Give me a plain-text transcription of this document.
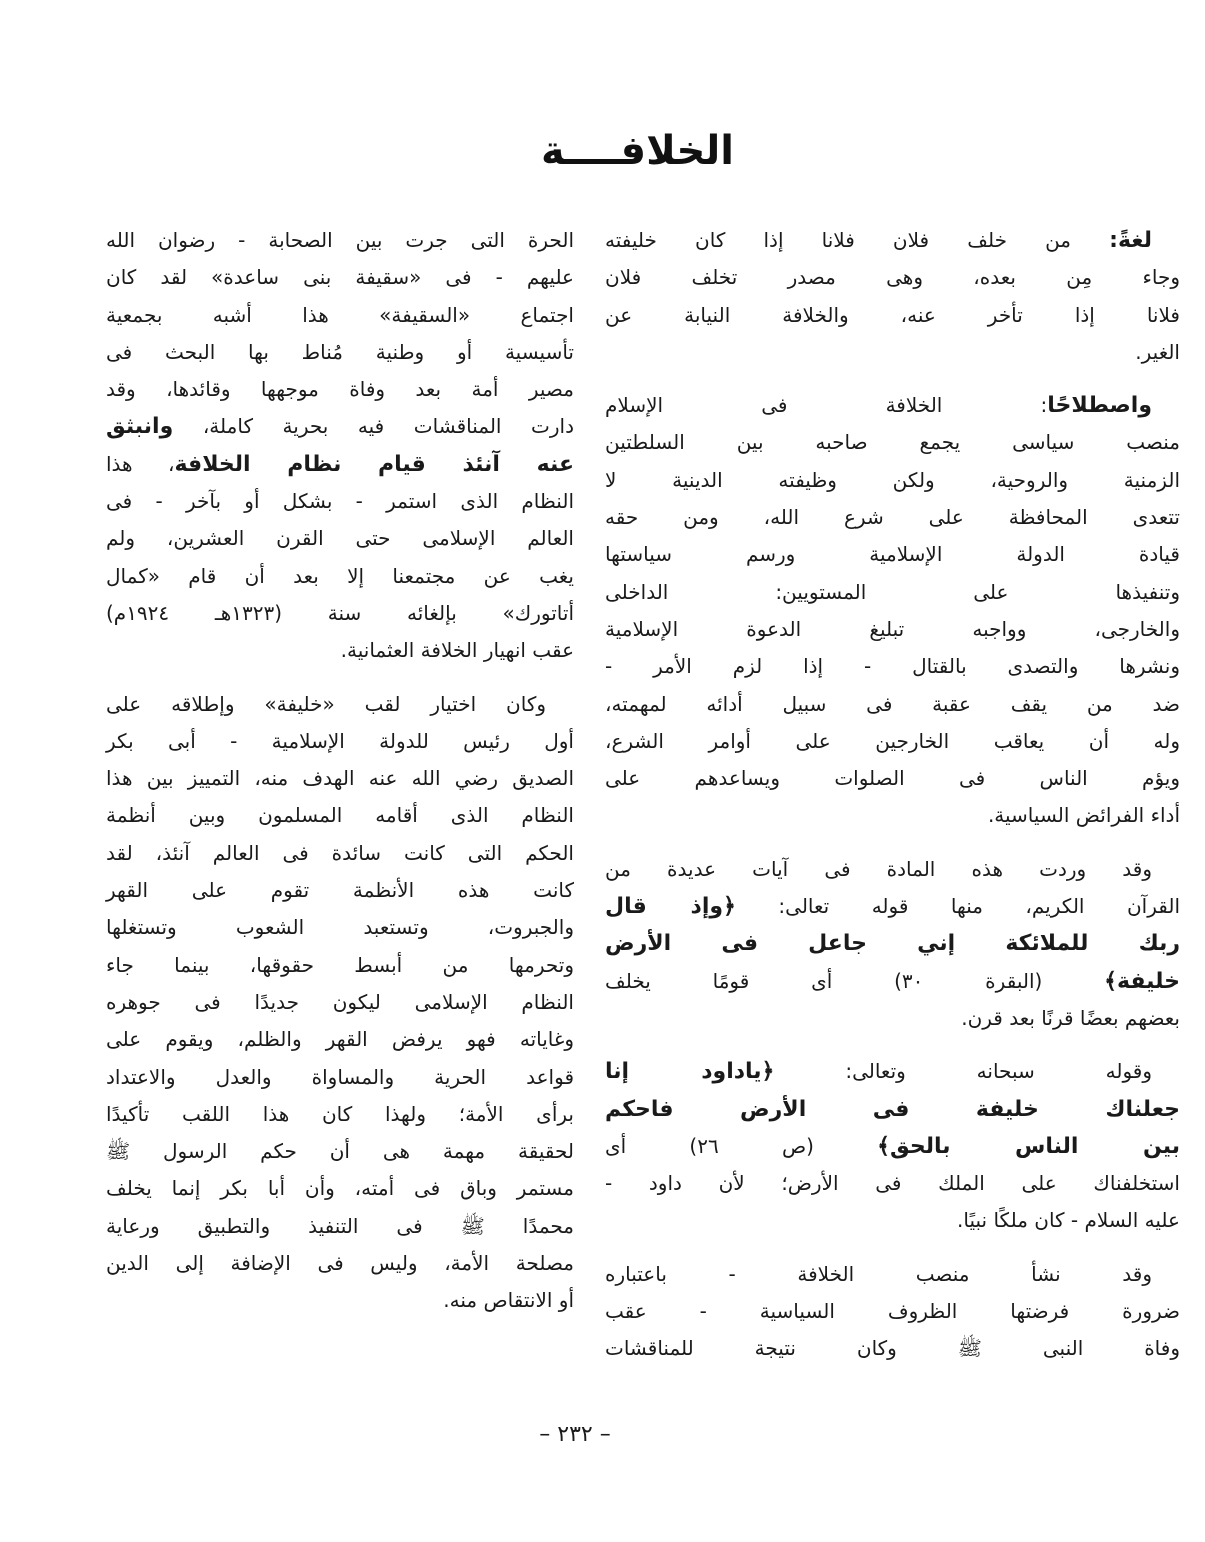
الخلافــــة
لغةً: من خلف فلان فلانا إذا كان خليفته
وجاء مِن بعده، وهى مصدر تخلف فلان
فلانا إذا تأخر عنه، والخلافة النيابة عن
الغير.
واصطلاحًا: الخلافة فى الإسلام
منصب سياسى يجمع صاحبه بين السلطتين
الزمنية والروحية، ولكن وظيفته الدينية لا
تتعدى المحافظة على شرع الله، ومن حقه
قيادة الدولة الإسلامية ورسم سياستها
وتنفيذها على المستويين: الداخلى
والخارجى، وواجبه تبليغ الدعوة الإسلامية
ونشرها والتصدى بالقتال - إذا لزم الأمر -
ضد من يقف عقبة فى سبيل أدائه لمهمته،
وله أن يعاقب الخارجين على أوامر الشرع،
ويؤم الناس فى الصلوات ويساعدهم على
أداء الفرائض السياسية.
وقد وردت هذه المادة فى آيات عديدة من
القرآن الكريم، منها قوله تعالى: ﴿وإذ قال
ربك للملائكة إني جاعل فى الأرض
خليفة﴾ (البقرة ٣٠) أى قومًا يخلف
بعضهم بعضًا قرنًا بعد قرن.
وقوله سبحانه وتعالى: ﴿ياداود إنا
جعلناك خليفة فى الأرض فاحكم
بين الناس بالحق﴾ (ص ٢٦) أى
استخلفناك على الملك فى الأرض؛ لأن داود -
عليه السلام - كان ملكًا نبيًا.
وقد نشأ منصب الخلافة - باعتباره
ضرورة فرضتها الظروف السياسية - عقب
وفاة النبى ﷺ وكان نتيجة للمناقشات
الحرة التى جرت بين الصحابة - رضوان الله
عليهم - فى «سقيفة بنى ساعدة» لقد كان
اجتماع «السقيفة» هذا أشبه بجمعية
تأسيسية أو وطنية مُناط بها البحث فى
مصير أمة بعد وفاة موجهها وقائدها، وقد
دارت المناقشات فيه بحرية كاملة، وانبثق
عنه آنئذ قيام نظام الخلافة، هذا
النظام الذى استمر - بشكل أو بآخر - فى
العالم الإسلامى حتى القرن العشرين، ولم
يغب عن مجتمعنا إلا بعد أن قام «كمال
أتاتورك» بإلغائه سنة (١٣٢٣هـ ١٩٢٤م)
عقب انهيار الخلافة العثمانية.
وكان اختيار لقب «خليفة» وإطلاقه على
أول رئيس للدولة الإسلامية - أبى بكر
الصديق رضي الله عنه الهدف منه، التمييز بين هذا
النظام الذى أقامه المسلمون وبين أنظمة
الحكم التى كانت سائدة فى العالم آنئذ، لقد
كانت هذه الأنظمة تقوم على القهر
والجبروت، وتستعبد الشعوب وتستغلها
وتحرمها من أبسط حقوقها، بينما جاء
النظام الإسلامى ليكون جديدًا فى جوهره
وغاياته فهو يرفض القهر والظلم، ويقوم على
قواعد الحرية والمساواة والعدل والاعتداد
برأى الأمة؛ ولهذا كان هذا اللقب تأكيدًا
لحقيقة مهمة هى أن حكم الرسول ﷺ
مستمر وباق فى أمته، وأن أبا بكر إنما يخلف
محمدًا ﷺ فى التنفيذ والتطبيق ورعاية
مصلحة الأمة، وليس فى الإضافة إلى الدين
أو الانتقاص منه.
– ٢٣٢ –
